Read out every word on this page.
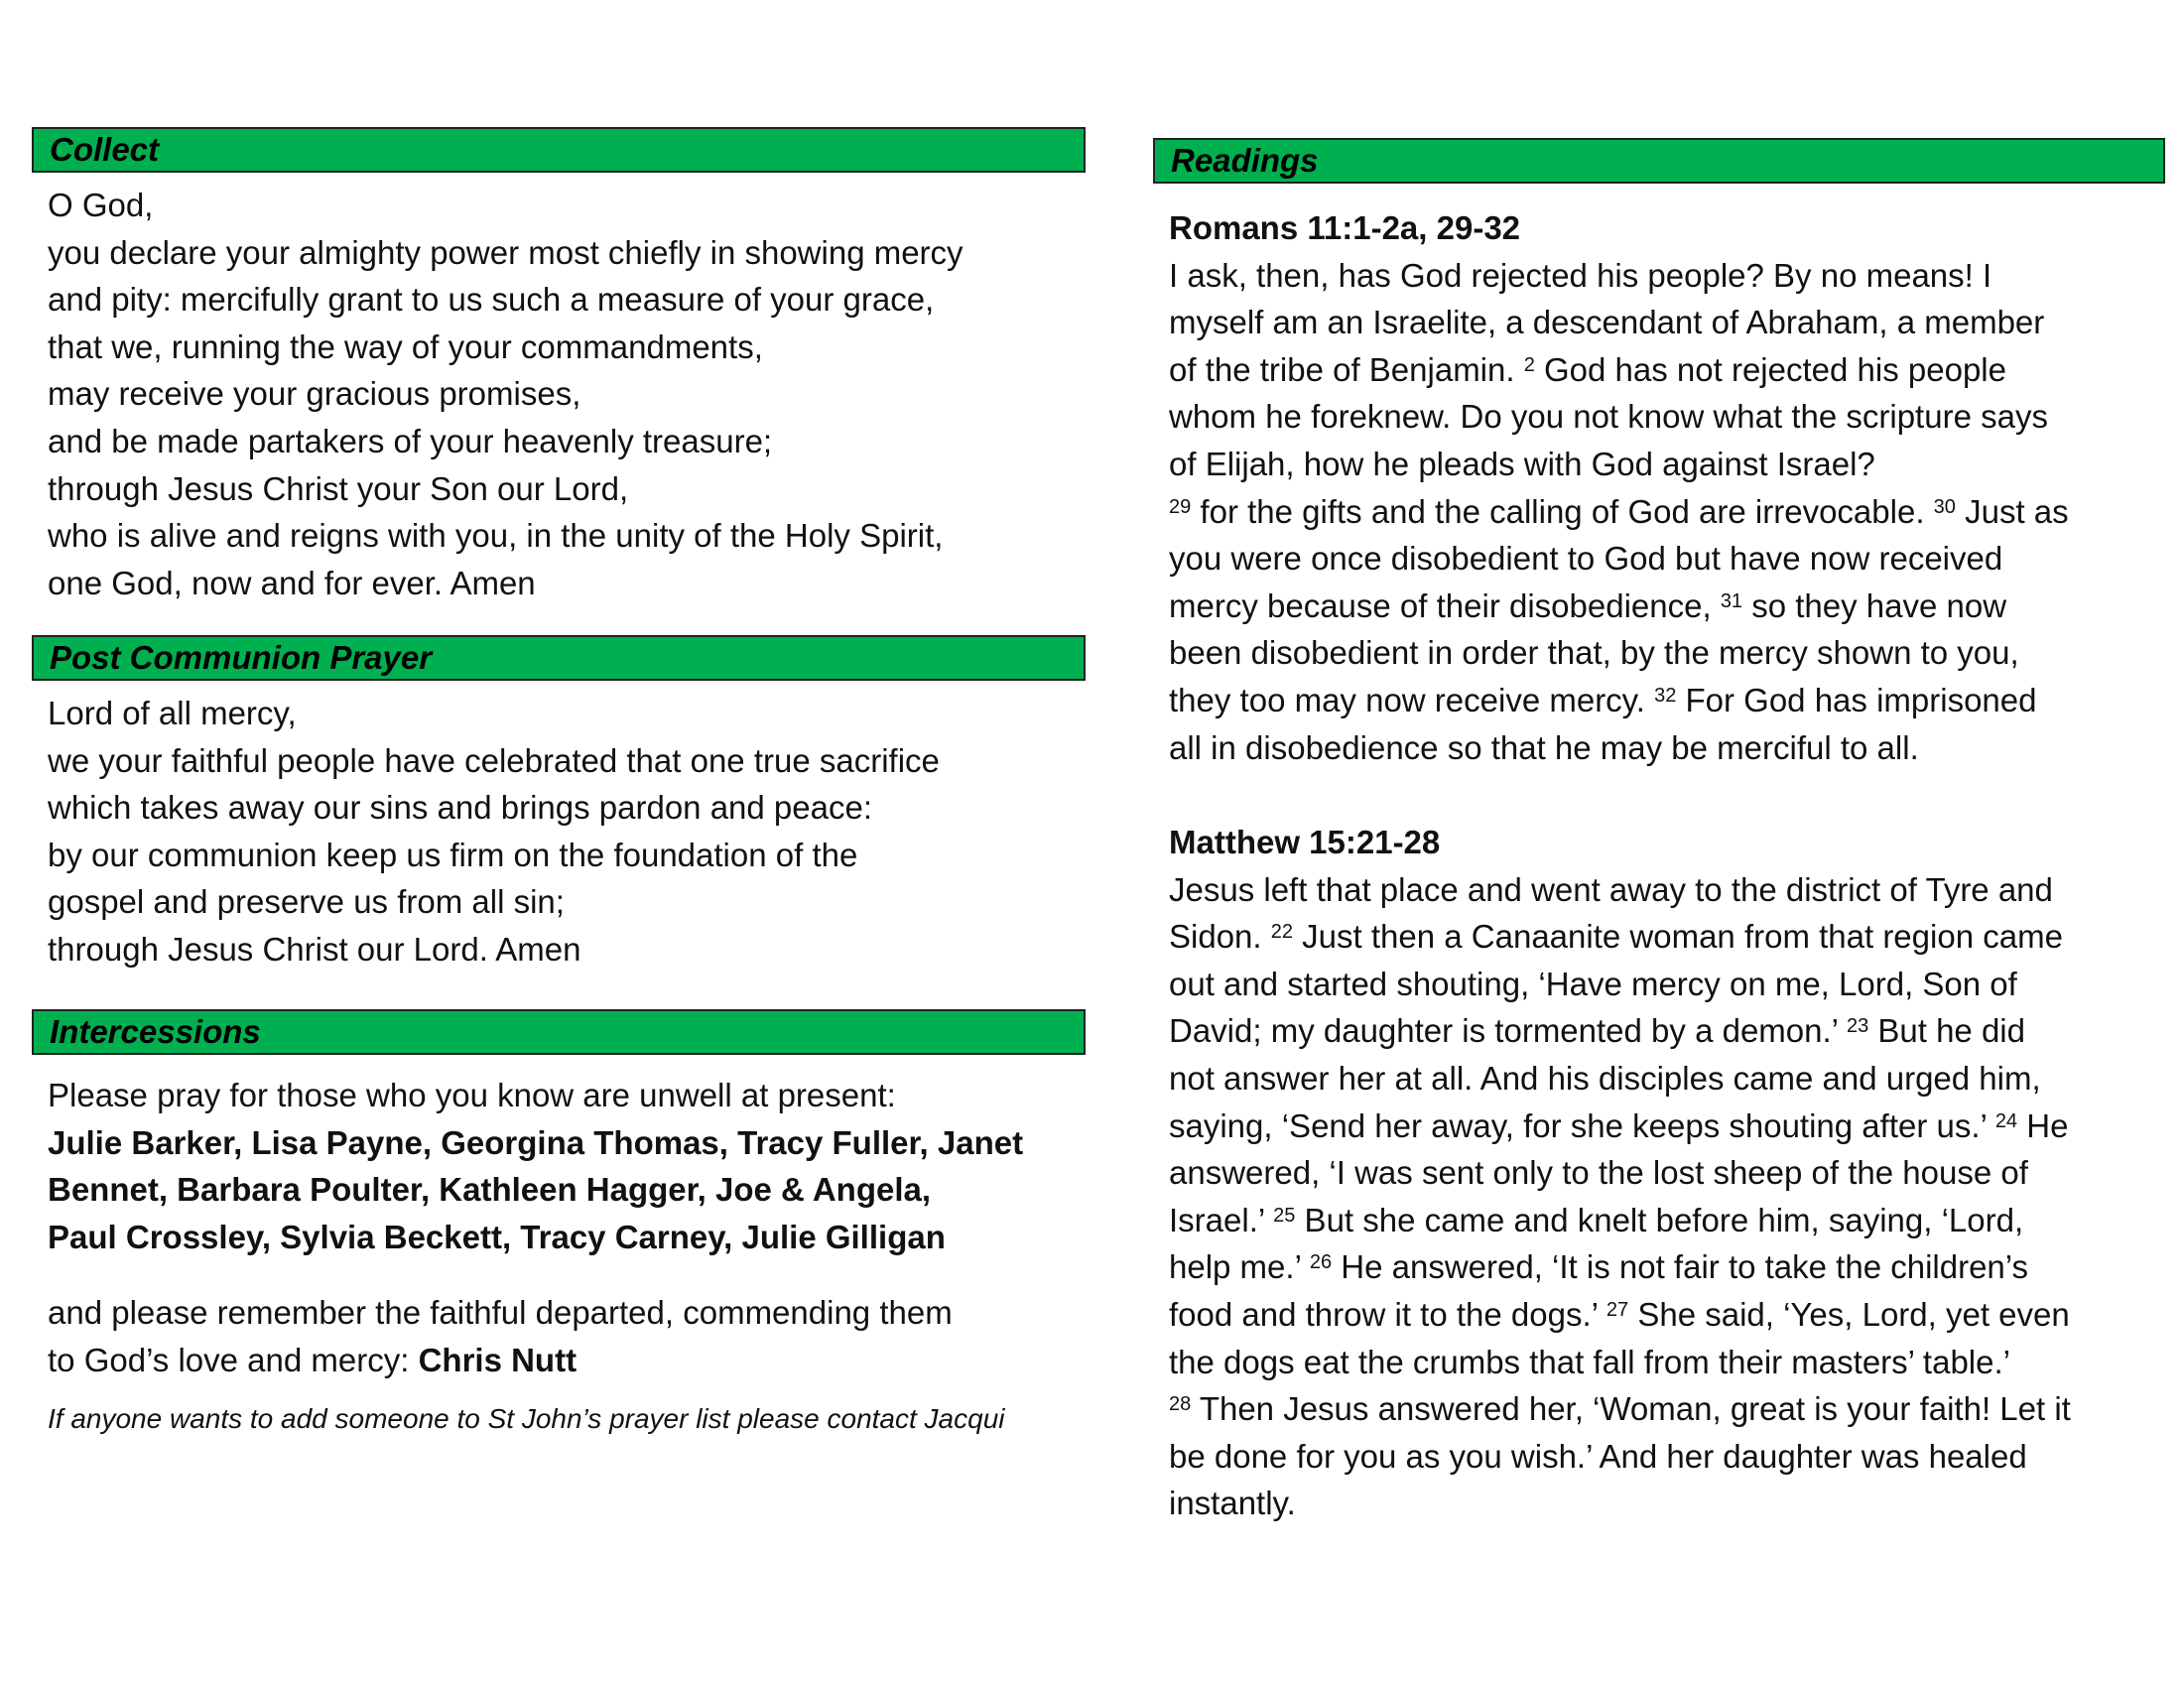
Collect
O God,
you declare your almighty power most chiefly in showing mercy
and pity: mercifully grant to us such a measure of your grace,
that we, running the way of your commandments,
may receive your gracious promises,
and be made partakers of your heavenly treasure;
through Jesus Christ your Son our Lord,
who is alive and reigns with you, in the unity of the Holy Spirit,
one God, now and for ever. Amen
Post Communion Prayer
Lord of all mercy,
we your faithful people have celebrated that one true sacrifice
which takes away our sins and brings pardon and peace:
by our communion keep us firm on the foundation of the
gospel and preserve us from all sin;
through Jesus Christ our Lord. Amen
Intercessions
Please pray for those who you know are unwell at present:
Julie Barker, Lisa Payne, Georgina Thomas, Tracy Fuller, Janet
Bennet, Barbara Poulter, Kathleen Hagger, Joe & Angela,
Paul Crossley, Sylvia Beckett, Tracy Carney, Julie Gilligan
and please remember the faithful departed, commending them
to God’s love and mercy: Chris Nutt
If anyone wants to add someone to St John’s prayer list please contact Jacqui
Readings
Romans 11:1-2a, 29-32
I ask, then, has God rejected his people? By no means! I
myself am an Israelite, a descendant of Abraham, a member
of the tribe of Benjamin. $^2$ God has not rejected his people
whom he foreknew. Do you not know what the scripture says
of Elijah, how he pleads with God against Israel?
$^{29}$ for the gifts and the calling of God are irrevocable. $^{30}$ Just as
you were once disobedient to God but have now received
mercy because of their disobedience, $^{31}$ so they have now
been disobedient in order that, by the mercy shown to you,
they too may now receive mercy. $^{32}$ For God has imprisoned
all in disobedience so that he may be merciful to all.
Matthew 15:21-28
Jesus left that place and went away to the district of Tyre and
Sidon. $^{22}$ Just then a Canaanite woman from that region came
out and started shouting, ‘Have mercy on me, Lord, Son of
David; my daughter is tormented by a demon.’ $^{23}$ But he did
not answer her at all. And his disciples came and urged him,
saying, ‘Send her away, for she keeps shouting after us.’ $^{24}$ He
answered, ‘I was sent only to the lost sheep of the house of
Israel.’ $^{25}$ But she came and knelt before him, saying, ‘Lord,
help me.’ $^{26}$ He answered, ‘It is not fair to take the children’s
food and throw it to the dogs.’ $^{27}$ She said, ‘Yes, Lord, yet even
the dogs eat the crumbs that fall from their masters’ table.’
$^{28}$ Then Jesus answered her, ‘Woman, great is your faith! Let it
be done for you as you wish.’ And her daughter was healed
instantly.
